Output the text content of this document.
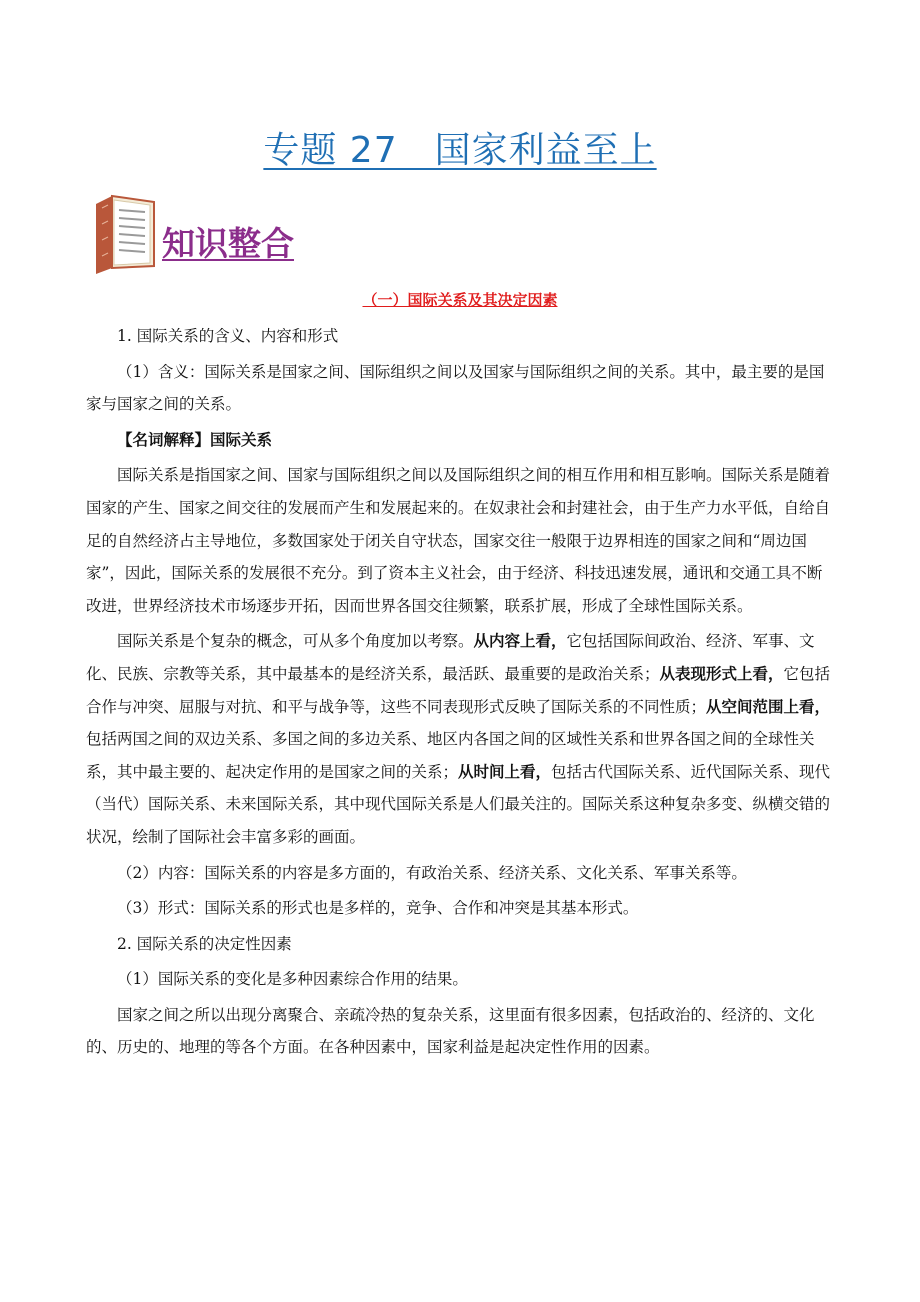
专题 27　国家利益至上
知识整合
（一）国际关系及其决定因素

1. 国际关系的含义、内容和形式

（1）含义：国际关系是国家之间、国际组织之间以及国家与国际组织之间的关系。其中，最主要的是国家与国家之间的关系。

【名词解释】国际关系

国际关系是指国家之间、国家与国际组织之间以及国际组织之间的相互作用和相互影响。国际关系是随着国家的产生、国家之间交往的发展而产生和发展起来的。在奴隶社会和封建社会，由于生产力水平低，自给自足的自然经济占主导地位，多数国家处于闭关自守状态，国家交往一般限于边界相连的国家之间和“周边国家”，因此，国际关系的发展很不充分。到了资本主义社会，由于经济、科技迅速发展，通讯和交通工具不断改进，世界经济技术市场逐步开拓，因而世界各国交往频繁，联系扩展，形成了全球性国际关系。

国际关系是个复杂的概念，可从多个角度加以考察。从内容上看，它包括国际间政治、经济、军事、文化、民族、宗教等关系，其中最基本的是经济关系，最活跃、最重要的是政治关系；从表现形式上看，它包括合作与冲突、屈服与对抗、和平与战争等，这些不同表现形式反映了国际关系的不同性质；从空间范围上看，包括两国之间的双边关系、多国之间的多边关系、地区内各国之间的区域性关系和世界各国之间的全球性关系，其中最主要的、起决定作用的是国家之间的关系；从时间上看，包括古代国际关系、近代国际关系、现代（当代）国际关系、未来国际关系，其中现代国际关系是人们最关注的。国际关系这种复杂多变、纵横交错的状况，绘制了国际社会丰富多彩的画面。

（2）内容：国际关系的内容是多方面的，有政治关系、经济关系、文化关系、军事关系等。

（3）形式：国际关系的形式也是多样的，竞争、合作和冲突是其基本形式。

2. 国际关系的决定性因素

（1）国际关系的变化是多种因素综合作用的结果。

国家之间之所以出现分离聚合、亲疏冷热的复杂关系，这里面有很多因素，包括政治的、经济的、文化的、历史的、地理的等各个方面。在各种因素中，国家利益是起决定性作用的因素。
